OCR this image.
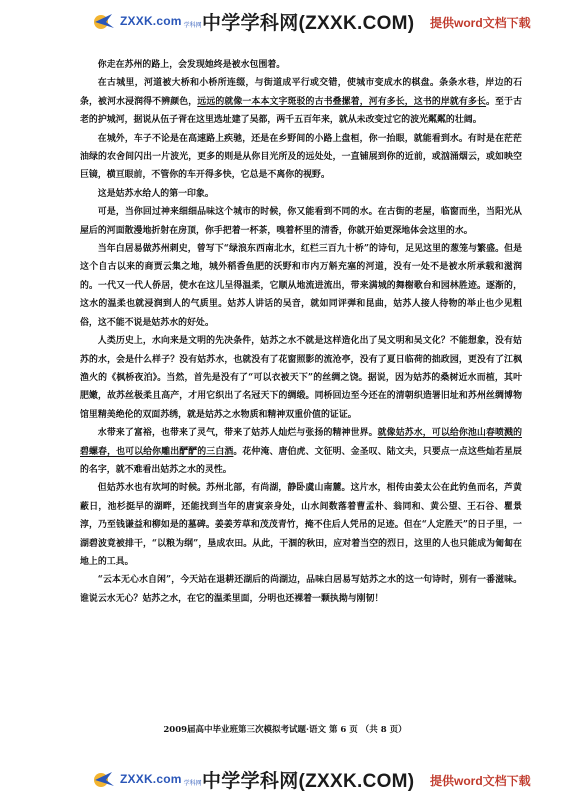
ZXXK.com 学科网 中学学科网(ZXXK.COM) 提供word文档下载

你走在苏州的路上，会发现她终是被水包围着。

在古城里，河道被大桥和小桥所连缀，与街道成平行或交错，使城市变成水的棋盘。条条水巷，岸边的石条，被河水浸润得不辨颜色，远远的就像一本本文字斑驳的古书叠摞着，河有多长，这书的岸就有多长。至于古老的护城河，据说从伍子胥在这里选址建了吴都，两千五百年来，就从未改变过它的波光粼粼的壮阔。

在城外，车子不论是在高速路上疾驰，还是在乡野间的小路上盘桓，你一抬眼，就能看到水。有时是在茫茫油绿的农舍间闪出一片波光，更多的则是从你目光所及的远处处，一直铺展到你的近前，或汹涌烟云，或如映空巨镜，横亘眼前，不管你的车开得多快，它总是不离你的视野。

这是姑苏水给人的第一印象。

可是，当你回过神来细细品味这个城市的时候，你又能看到不同的水。在古街的老屋，临窗而坐，当阳光从屋后的河面散漫地折射在房顶，你手把着一杯茶，嗅着杯里的清香，你就开始更深地体会这里的水。

当年白居易做苏州刺史，曾写下“绿浪东西南北水，红栏三百九十桥”的诗句，足见这里的葱笼与繁盛。但是这个自古以来的商贾云集之地，城外稻香鱼肥的沃野和市内万斛充塞的河道，没有一处不是被水所承载和滋润的。一代又一代人侨居，使水在这儿呈得温柔，它顺从地流进流出，带来满城的舞榭歌台和园林胜迹。逐渐的，这水的温柔也就浸润到人的气质里。姑苏人讲话的吴音，就如同评弹和昆曲，姑苏人接人待物的举止也少见粗俗，这不能不说是姑苏水的好处。

人类历史上，水向来是文明的先决条件，姑苏之水不就是这样造化出了吴文明和吴文化？不能想象，没有姑苏的水，会是什么样子？没有姑苏水，也就没有了花窗照影的流沧亭，没有了夏日临荷的拙政园，更没有了江枫渔火的《枫桥夜泊》。当然，首先是没有了“可以衣被天下”的丝绸之饶。据说，因为姑苏的桑树近水而植，其叶肥嫩，故苏丝极柔且高产，才用它织出了名冠天下的绸缎。同桥回边至今还在的清朝织造署旧址和苏州丝绸博物馆里精美绝伦的双面苏绣，就是姑苏之水物质和精神双重价值的证证。

水带来了富裕，也带来了灵气，带来了姑苏人灿烂与张扬的精神世界。就像姑苏水，可以给你池山春喷溅的碧螺春，也可以给你雕出酽酽的三白酒。花仲淹、唐伯虎、文征明、金圣叹、陆文夫，只要点一点这些灿若星辰的名字，就不难看出姑苏之水的灵性。

但姑苏水也有坎坷的时候。苏州北部，有尚湖，静卧虞山南麓。这片水，相传由姜太公在此钓鱼而名，芦黄蔽日，池杉挺早的湖畔，还能找到当年的唐寅亲身处，山水间数落着曹孟朴、翁同和、黄公望、王石谷、瞿景淳，乃至钱谦益和柳如是的墓碑。姜姜芳草和茂茂青竹，掩不住后人凭吊的足迹。但在“人定胜天”的日子里，一湖碧波竟被排干，“以粮为纲”，垦成农田。从此，干涸的秋田，应对着当空的烈日，这里的人也只能成为匍匐在地上的工具。

“云本无心水自闲”，今天站在退耕还湖后的尚湖边，品味白居易写姑苏之水的这一句诗时，别有一番滋味。谁说云水无心？姑苏之水，在它的温柔里面，分明也还裸着一颗执拗与刚韧！

2009届高中毕业班第三次模拟考试题·语文 第 6 页 （共 8 页）
ZXXK.com 学科网 中学学科网(ZXXK.COM) 提供word文档下载
